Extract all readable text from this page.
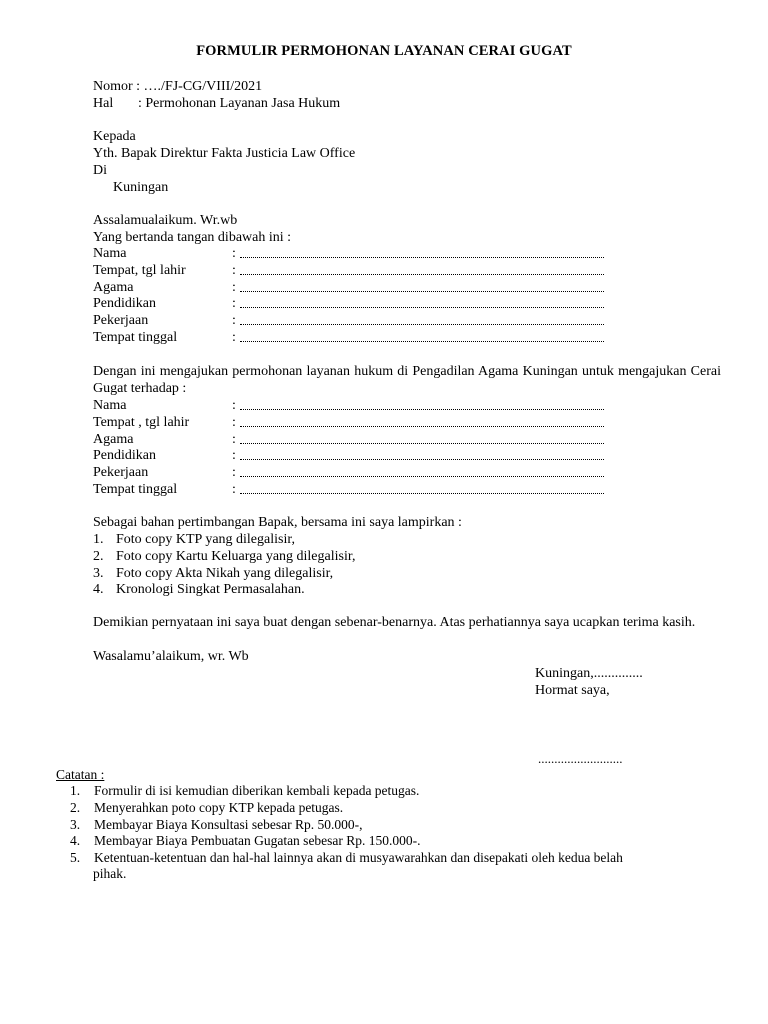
FORMULIR PERMOHONAN LAYANAN CERAI GUGAT
Nomor : …./FJ-CG/VIII/2021
Hal : Permohonan Layanan Jasa Hukum
Kepada
Yth. Bapak Direktur Fakta Justicia Law Office
Di
Kuningan
Assalamualaikum. Wr.wb
Yang bertanda tangan dibawah ini :
Nama	:
Tempat, tgl lahir	:
Agama	:
Pendidikan	:
Pekerjaan	:
Tempat tinggal	:
Dengan ini mengajukan permohonan layanan hukum di Pengadilan Agama Kuningan untuk mengajukan Cerai Gugat terhadap :
Nama	:
Tempat , tgl lahir	:
Agama	:
Pendidikan	:
Pekerjaan	:
Tempat tinggal	:
Sebagai bahan pertimbangan Bapak, bersama ini saya lampirkan :
1. Foto copy KTP yang dilegalisir,
2. Foto copy Kartu Keluarga yang dilegalisir,
3. Foto copy Akta Nikah yang dilegalisir,
4. Kronologi Singkat Permasalahan.
Demikian pernyataan ini saya buat dengan sebenar-benarnya. Atas perhatiannya saya ucapkan terima kasih.
Wasalamu’alaikum, wr. Wb
Kuningan,..............
Hormat saya,
..........................
Catatan :
1. Formulir di isi kemudian diberikan kembali kepada petugas.
2. Menyerahkan poto copy KTP kepada petugas.
3. Membayar Biaya Konsultasi sebesar Rp. 50.000-,
4. Membayar Biaya Pembuatan Gugatan sebesar Rp. 150.000-.
5. Ketentuan-ketentuan dan hal-hal lainnya akan di musyawarahkan dan disepakati oleh kedua belah
pihak.
